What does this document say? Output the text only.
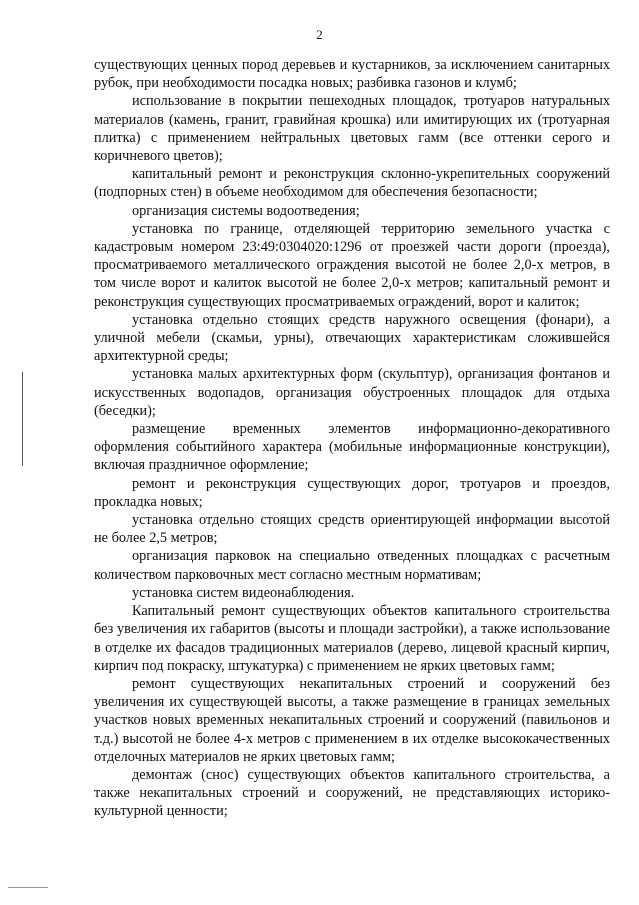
2

существующих ценных пород деревьев и кустарников, за исключением санитарных рубок, при необходимости посадка новых; разбивка газонов и клумб;

использование в покрытии пешеходных площадок, тротуаров натуральных материалов (камень, гранит, гравийная крошка) или имитирующих их (тротуарная плитка) с применением нейтральных цветовых гамм (все оттенки серого и коричневого цветов);

капитальный ремонт и реконструкция склонно-укрепительных сооружений (подпорных стен) в объеме необходимом для обеспечения безопасности;

организация системы водоотведения;

установка по границе, отделяющей территорию земельного участка с кадастровым номером 23:49:0304020:1296 от проезжей части дороги (проезда), просматриваемого металлического ограждения высотой не более 2,0-х метров, в том числе ворот и калиток высотой не более 2,0-х метров; капитальный ремонт и реконструкция существующих просматриваемых ограждений, ворот и калиток;

установка отдельно стоящих средств наружного освещения (фонари), а уличной мебели (скамьи, урны), отвечающих характеристикам сложившейся архитектурной среды;

установка малых архитектурных форм (скульптур), организация фонтанов и искусственных водопадов, организация обустроенных площадок для отдыха (беседки);

размещение временных элементов информационно-декоративного оформления событийного характера (мобильные информационные конструкции), включая праздничное оформление;

ремонт и реконструкция существующих дорог, тротуаров и проездов, прокладка новых;

установка отдельно стоящих средств ориентирующей информации высотой не более 2,5 метров;

организация парковок на специально отведенных площадках с расчетным количеством парковочных мест согласно местным нормативам;

установка систем видеонаблюдения.

Капитальный ремонт существующих объектов капитального строительства без увеличения их габаритов (высоты и площади застройки), а также использование в отделке их фасадов традиционных материалов (дерево, лицевой красный кирпич, кирпич под покраску, штукатурка) с применением не ярких цветовых гамм;

ремонт существующих некапитальных строений и сооружений без увеличения их существующей высоты, а также размещение в границах земельных участков новых временных некапитальных строений и сооружений (павильонов и т.д.) высотой не более 4-х метров с применением в их отделке высококачественных отделочных материалов не ярких цветовых гамм;

демонтаж (снос) существующих объектов капитального строительства, а также некапитальных строений и сооружений, не представляющих историко-культурной ценности;
